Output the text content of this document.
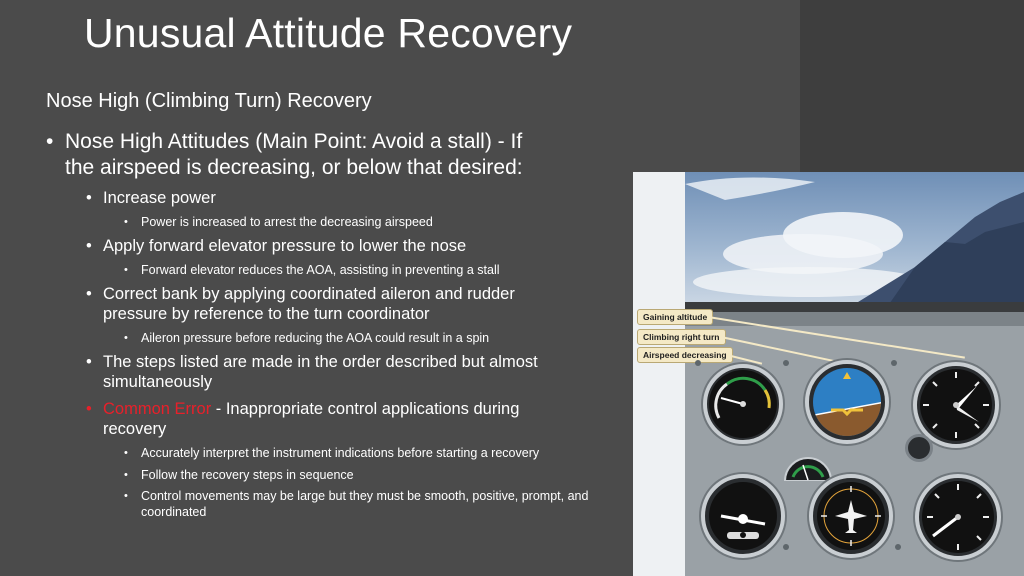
Unusual Attitude Recovery
Nose High (Climbing Turn) Recovery
• Nose High Attitudes (Main Point: Avoid a stall) - If
the airspeed is decreasing, or below that desired:
• Increase power
• Power is increased to arrest the decreasing airspeed
• Apply forward elevator pressure to lower the nose
• Forward elevator reduces the AOA, assisting in preventing a stall
• Correct bank by applying coordinated aileron and rudder pressure by reference to the turn coordinator
• Aileron pressure before reducing the AOA could result in a spin
• The steps listed are made in the order described but almost simultaneously
• Common Error - Inappropriate control applications during recovery
• Accurately interpret the instrument indications before starting a recovery
• Follow the recovery steps in sequence
• Control movements may be large but they must be smooth, positive, prompt, and coordinated
Gaining altitude
Climbing right turn
Airspeed decreasing
